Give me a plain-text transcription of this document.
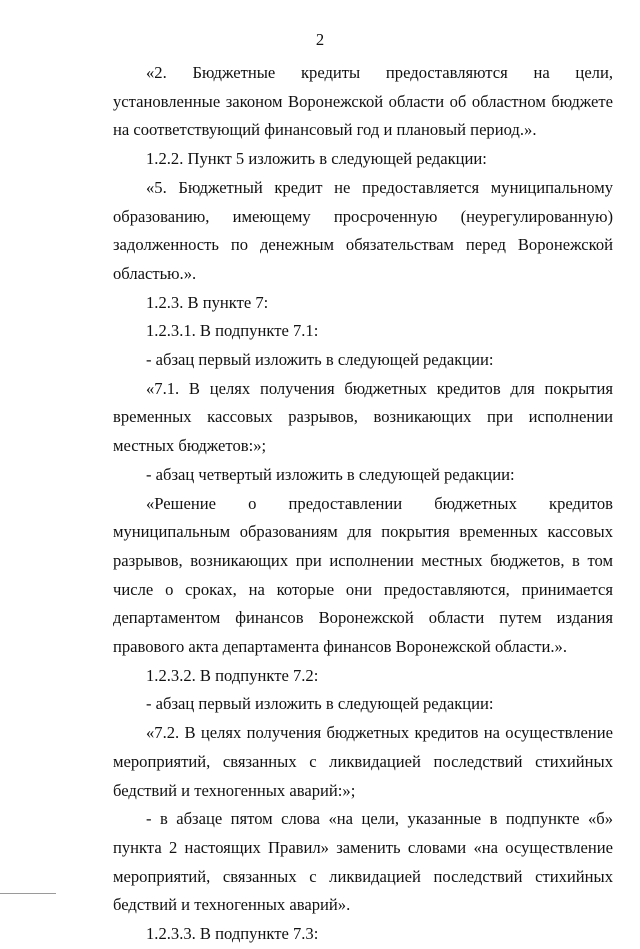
2

«2. Бюджетные кредиты предоставляются на цели, установленные законом Воронежской области об областном бюджете на соответствующий финансовый год и плановый период.».

1.2.2. Пункт 5 изложить в следующей редакции:

«5. Бюджетный кредит не предоставляется муниципальному образованию, имеющему просроченную (неурегулированную) задолженность по денежным обязательствам перед Воронежской областью.».

1.2.3. В пункте 7:

1.2.3.1. В подпункте 7.1:

- абзац первый изложить в следующей редакции:

«7.1. В целях получения бюджетных кредитов для покрытия временных кассовых разрывов, возникающих при исполнении местных бюджетов:»;

- абзац четвертый изложить в следующей редакции:

«Решение о предоставлении бюджетных кредитов муниципальным образованиям для покрытия временных кассовых разрывов, возникающих при исполнении местных бюджетов, в том числе о сроках, на которые они предоставляются, принимается департаментом финансов Воронежской области путем издания правового акта департамента финансов Воронежской области.».

1.2.3.2. В подпункте 7.2:

- абзац первый изложить в следующей редакции:

«7.2. В целях получения бюджетных кредитов на осуществление мероприятий, связанных с ликвидацией последствий стихийных бедствий и техногенных аварий:»;

- в абзаце пятом слова «на цели, указанные в подпункте «б» пункта 2 настоящих Правил» заменить словами «на осуществление мероприятий, связанных с ликвидацией последствий стихийных бедствий и техногенных аварий».

1.2.3.3. В подпункте 7.3:
